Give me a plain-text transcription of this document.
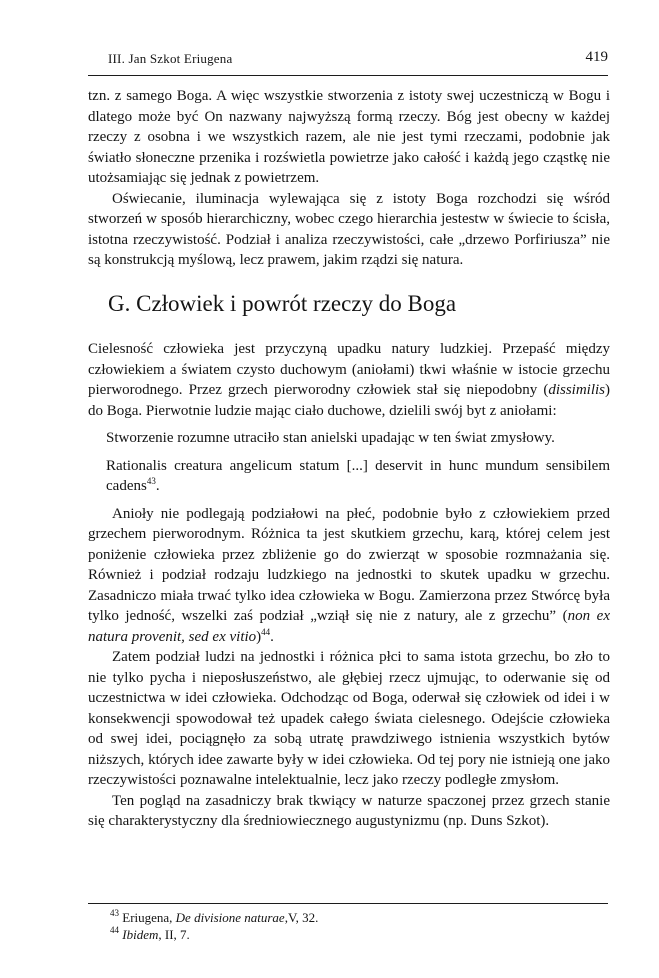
III. Jan Szkot Eriugena	419

tzn. z samego Boga. A więc wszystkie stworzenia z istoty swej uczestniczą w Bogu i dlatego może być On nazwany najwyższą formą rzeczy. Bóg jest obecny w każdej rzeczy z osobna i we wszystkich razem, ale nie jest tymi rzeczami, podobnie jak światło słoneczne przenika i rozświetla powietrze jako całość i każdą jego cząstkę nie utożsamiając się jednak z powietrzem.

Oświecanie, iluminacja wylewająca się z istoty Boga rozchodzi się wśród stworzeń w sposób hierarchiczny, wobec czego hierarchia jestestw w świecie to ścisła, istotna rzeczywistość. Podział i analiza rzeczywistości, całe „drzewo Porfiriusza” nie są konstrukcją myślową, lecz prawem, jakim rządzi się natura.

G. Człowiek i powrót rzeczy do Boga

Cielesność człowieka jest przyczyną upadku natury ludzkiej. Przepaść między człowiekiem a światem czysto duchowym (aniołami) tkwi właśnie w istocie grzechu pierworodnego. Przez grzech pierworodny człowiek stał się niepodobny (dissimilis) do Boga. Pierwotnie ludzie mając ciało duchowe, dzielili swój byt z aniołami:

Stworzenie rozumne utraciło stan anielski upadając w ten świat zmysłowy.

Rationalis creatura angelicum statum [...] deservit in hunc mundum sensibilem cadens$^{43}$.

Anioły nie podlegają podziałowi na płeć, podobnie było z człowiekiem przed grzechem pierworodnym. Różnica ta jest skutkiem grzechu, karą, której celem jest poniżenie człowieka przez zbliżenie go do zwierząt w sposobie rozmnażania się. Również i podział rodzaju ludzkiego na jednostki to skutek upadku w grzechu. Zasadniczo miała trwać tylko idea człowieka w Bogu. Zamierzona przez Stwórcę była tylko jedność, wszelki zaś podział „wziął się nie z natury, ale z grzechu” (non ex natura provenit, sed ex vitio)$^{44}$.

Zatem podział ludzi na jednostki i różnica płci to sama istota grzechu, bo zło to nie tylko pycha i nieposłuszeństwo, ale głębiej rzecz ujmując, to oderwanie się od uczestnictwa w idei człowieka. Odchodząc od Boga, oderwał się człowiek od idei i w konsekwencji spowodował też upadek całego świata cielesnego. Odejście człowieka od swej idei, pociągnęło za sobą utratę prawdziwego istnienia wszystkich bytów niższych, których idee zawarte były w idei człowieka. Od tej pory nie istnieją one jako rzeczywistości poznawalne intelektualnie, lecz jako rzeczy podległe zmysłom.

Ten pogląd na zasadniczy brak tkwiący w naturze spaczonej przez grzech stanie się charakterystyczny dla średniowiecznego augustynizmu (np. Duns Szkot).

$^{43}$ Eriugena, De divisione naturae,V, 32.
$^{44}$ Ibidem, II, 7.
